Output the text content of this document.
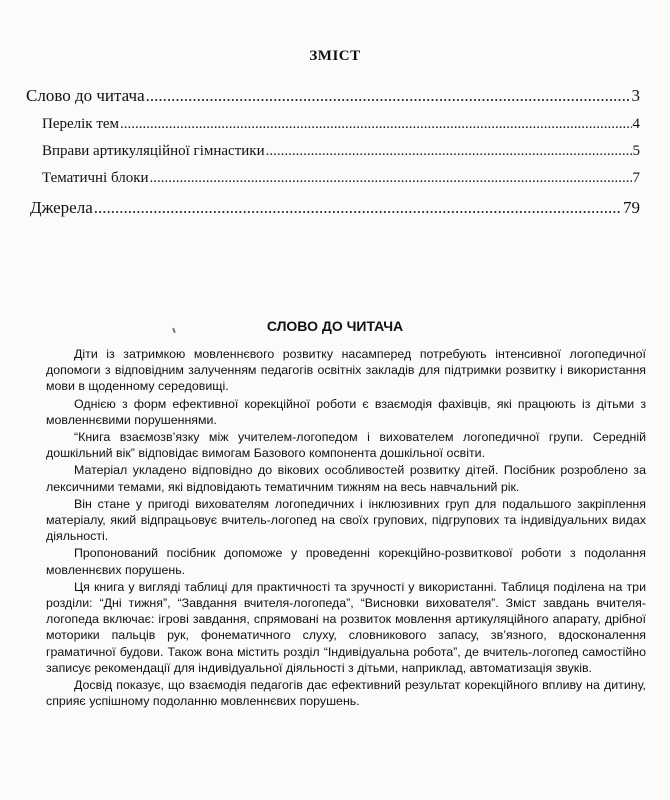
ЗМІСТ
Слово до читача .....	3
Перелік тем .....	4
Вправи артикуляційної гімнастики .....	5
Тематичні блоки .....	7
Джерела .....	79
СЛОВО ДО ЧИТАЧА

Діти із затримкою мовленнєвого розвитку насамперед потребують інтенсивної логопедичної допомоги з відповідним залученням педагогів освітніх закладів для підтримки розвитку і використання мови в щоденному середовищі.

Однією з форм ефективної корекційної роботи є взаємодія фахівців, які працюють із дітьми з мовленнєвими порушеннями.

“Книга взаємозв’язку між учителем-логопедом і вихователем логопедичної групи. Середній дошкільний вік” відповідає вимогам Базового компонента дошкільної освіти.

Матеріал укладено відповідно до вікових особливостей розвитку дітей. Посібник розроблено за лексичними темами, які відповідають тематичним тижням на весь навчальний рік.

Він стане у пригоді вихователям логопедичних і інклюзивних груп для подальшого закріплення матеріалу, який відпрацьовує вчитель-логопед на своїх групових, підгрупових та індивідуальних видах діяльності.

Пропонований посібник допоможе у проведенні корекційно-розвиткової роботи з подолання мовленнєвих порушень.

Ця книга у вигляді таблиці для практичності та зручності у використанні. Таблиця поділена на три розділи: “Дні тижня”, “Завдання вчителя-логопеда”, “Висновки вихователя”. Зміст завдань вчителя-логопеда включає: ігрові завдання, спрямовані на розвиток мовлення артикуляційного апарату, дрібної моторики пальців рук, фонематичного слуху, словникового запасу, зв’язного, вдосконалення граматичної будови. Також вона містить розділ “Індивідуальна робота”, де вчитель-логопед самостійно записує рекомендації для індивідуальної діяльності з дітьми, наприклад, автоматизація звуків.

Досвід показує, що взаємодія педагогів дає ефективний результат корекційного впливу на дитину, сприяє успішному подоланню мовленнєвих порушень.
